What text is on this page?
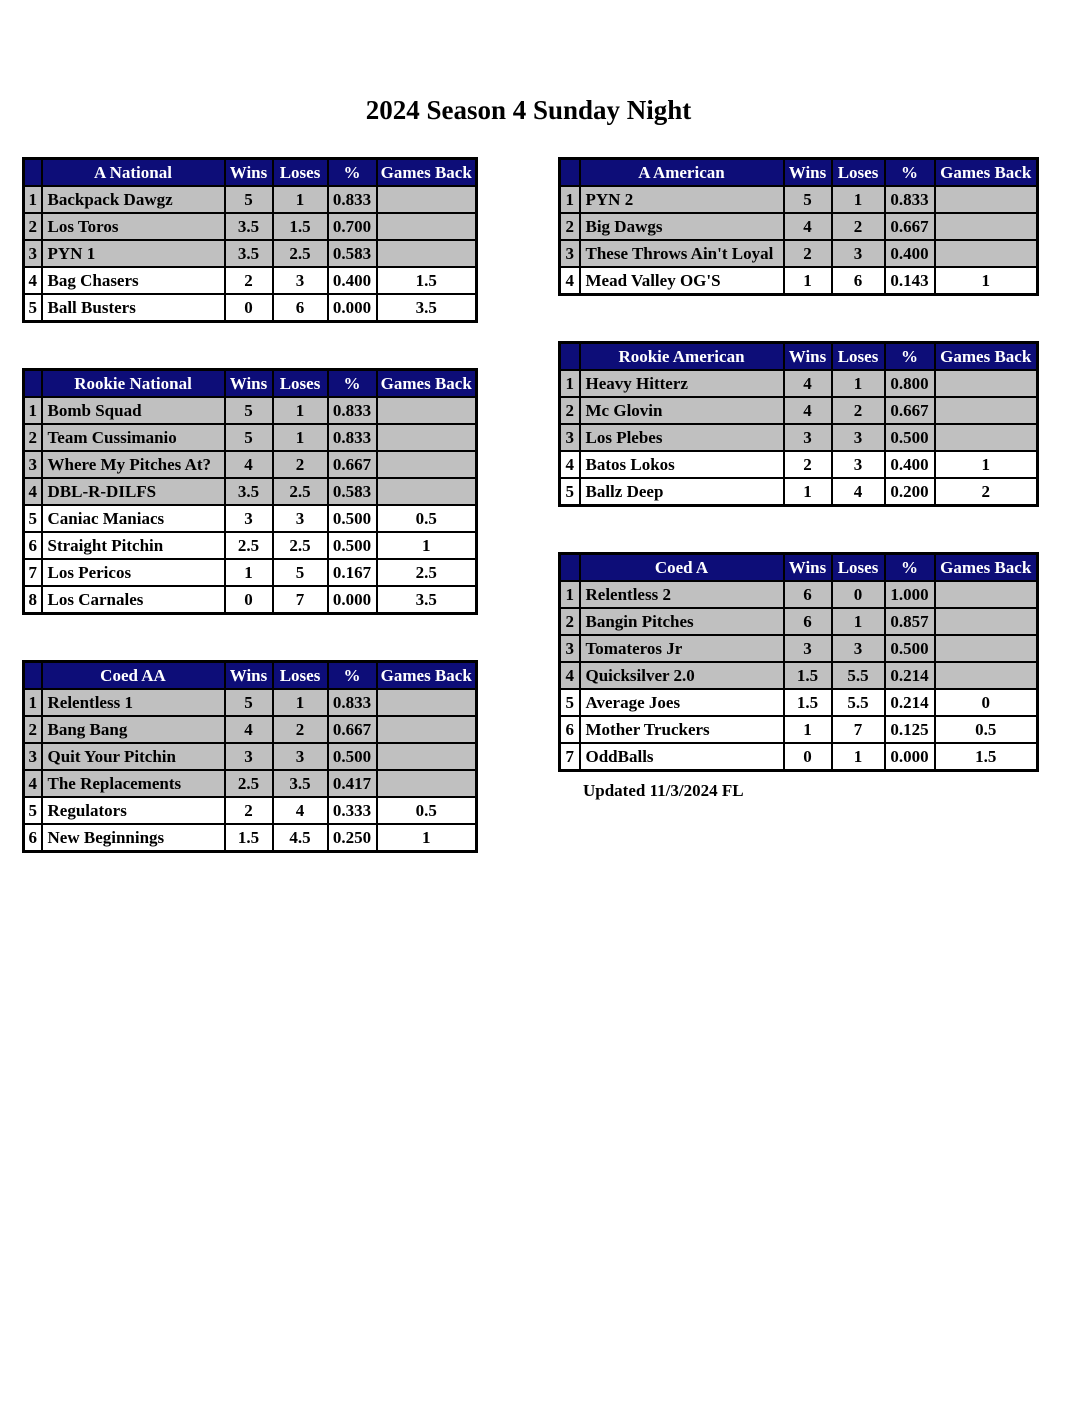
2024 Season 4 Sunday Night
	A National	Wins	Loses	%	Games Back
1	Backpack Dawgz	5	1	0.833	
2	Los Toros	3.5	1.5	0.700	
3	PYN 1	3.5	2.5	0.583	
4	Bag Chasers	2	3	0.400	1.5
5	Ball Busters	0	6	0.000	3.5
	Rookie National	Wins	Loses	%	Games Back
1	Bomb Squad	5	1	0.833	
2	Team Cussimanio	5	1	0.833	
3	Where My Pitches At?	4	2	0.667	
4	DBL-R-DILFS	3.5	2.5	0.583	
5	Caniac Maniacs	3	3	0.500	0.5
6	Straight Pitchin	2.5	2.5	0.500	1
7	Los Pericos	1	5	0.167	2.5
8	Los Carnales	0	7	0.000	3.5
	Coed AA	Wins	Loses	%	Games Back
1	Relentless 1	5	1	0.833	
2	Bang Bang	4	2	0.667	
3	Quit Your Pitchin	3	3	0.500	
4	The Replacements	2.5	3.5	0.417	
5	Regulators	2	4	0.333	0.5
6	New Beginnings	1.5	4.5	0.250	1
	A American	Wins	Loses	%	Games Back
1	PYN 2	5	1	0.833	
2	Big Dawgs	4	2	0.667	
3	These Throws Ain't Loyal	2	3	0.400	
4	Mead Valley OG'S	1	6	0.143	1
	Rookie American	Wins	Loses	%	Games Back
1	Heavy Hitterz	4	1	0.800	
2	Mc Glovin	4	2	0.667	
3	Los Plebes	3	3	0.500	
4	Batos Lokos	2	3	0.400	1
5	Ballz Deep	1	4	0.200	2
	Coed A	Wins	Loses	%	Games Back
1	Relentless 2	6	0	1.000	
2	Bangin Pitches	6	1	0.857	
3	Tomateros Jr	3	3	0.500	
4	Quicksilver 2.0	1.5	5.5	0.214	
5	Average Joes	1.5	5.5	0.214	0
6	Mother Truckers	1	7	0.125	0.5
7	OddBalls	0	1	0.000	1.5
Updated 11/3/2024 FL
